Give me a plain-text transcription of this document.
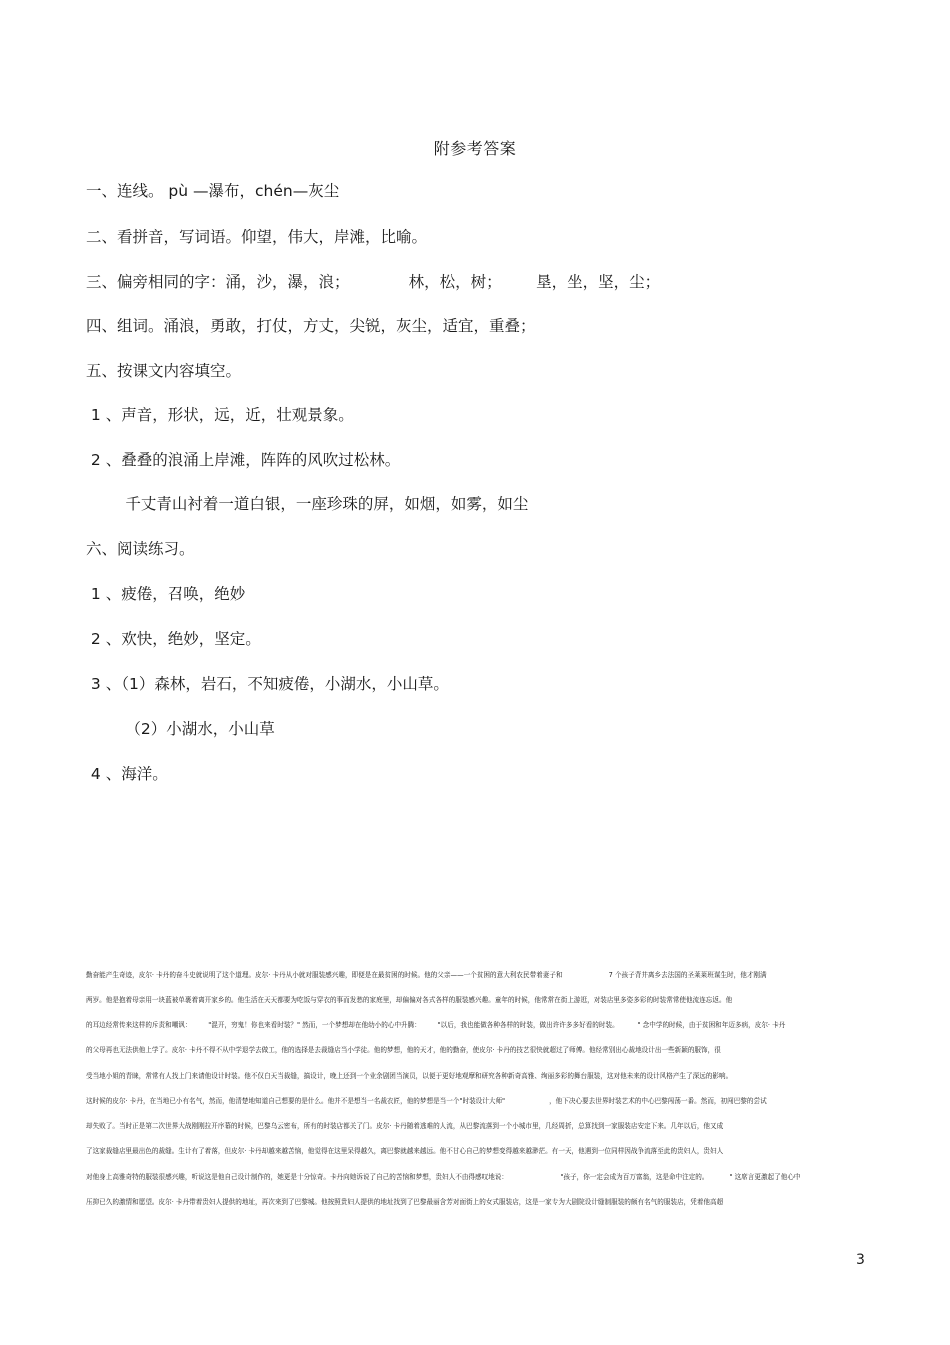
附参考答案
一、连线。 pù —瀑布，chén—灰尘
二、看拼音，写词语。仰望，伟大，岸滩，比喻。
三、偏旁相同的字：涌，沙，瀑，浪；            林，松，树；       垦，坐，坚，尘；
四、组词。涌浪，勇敢，打仗，方丈，尖锐，灰尘，适宜，重叠；
五、按课文内容填空。
1 、声音，形状，远，近，壮观景象。
2 、叠叠的浪涌上岸滩，阵阵的风吹过松林。
千丈青山衬着一道白银，一座珍珠的屏，如烟，如雾，如尘
六、阅读练习。
1 、疲倦，召唤，绝妙
2 、欢快，绝妙，坚定。
3 、（1）森林，岩石，不知疲倦，小湖水，小山草。
（2）小湖水，小山草
4 、海洋。
勤奋能产生奇迹，皮尔· 卡丹的奋斗史就说明了这个道理。皮尔· 卡丹从小就对服装感兴趣，即便是在最贫困的时候。他的父亲——一个贫困的意大利农民带着妻子和                      7 个孩子背井离乡去法国的圣莱莱班谋生时，他才刚满
两岁。他是抱着母亲用一块蓝被单裹着离开家乡的。他生活在天天都要为吃饭与穿衣的事而发愁的家庭里，却偏偏对各式各样的服装感兴趣。童年的时候，他常常在街上游逛，对装店里多姿多彩的时装常常使他流连忘返。他
的耳边经常传来这样的斥责和嘲讽：        "混开，穷鬼！你也来看时装？" 然而，一个梦想却在他幼小的心中升腾：        "以后，我也能做各种各样的时装，做出许许多多好看的时装。         " 念中学的时候，由于贫困和年迈多病，皮尔· 卡丹
的父母再也无法供他上学了。皮尔· 卡丹不得不从中学退学去做工，他的选择是去裁缝店当小学徒。他的梦想，他的天才，他的勤奋，使皮尔· 卡丹的技艺很快就超过了师傅。他经常别出心裁地设计出一些新颖的服饰，很
受当地小姐的青睐，常常有人找上门来请他设计时装。他不仅白天当裁缝，搞设计，晚上还到一个业余剧团当演员，以便于更好地观摩和研究各种新奇高雅、绚丽多彩的舞台服装，这对他未来的设计风格产生了深远的影响。
这时候的皮尔· 卡丹，在当地已小有名气，然而，他清楚地知道自己想要的是什么。他并不是想当一名裁衣匠，他的梦想是当一个"时装设计大师"                     ，他下决心要去世界时装艺术的中心巴黎闯荡一番。然而，初闯巴黎的尝试
却失败了。当时正是第二次世界大战刚刚拉开序幕的时候，巴黎乌云密布，所有的时装店都关了门。皮尔· 卡丹随着逃难的人流，从巴黎流落到一个小城市里，几经周折，总算找到一家服装店安定下来。几年以后，他又成
了这家裁缝店里最出色的裁缝。生计有了着落，但皮尔· 卡丹却越来越苦恼，他觉得在这里呆得越久，离巴黎就越来越远。他不甘心自己的梦想变得越来越渺茫。有一天，他遇到一位同样因战争流落至此的贵妇人，贵妇人
对他身上高雅奇特的服装很感兴趣，听说这是他自己设计制作的，她更是十分惊奇。卡丹向她诉说了自己的苦恼和梦想，贵妇人不由得感叹地说：                         "孩子，你一定会成为百万富翁，这是命中注定的。          " 这席言更激起了他心中
压抑已久的激情和愿望。皮尔· 卡丹带着贵妇人提供的地址，再次来到了巴黎城。他按照贵妇人提供的地址找到了巴黎最丽含芳对面街上的女式服装店，这是一家专为大剧院设计缝制服装的颇有名气的服装店，凭着他高超
3
